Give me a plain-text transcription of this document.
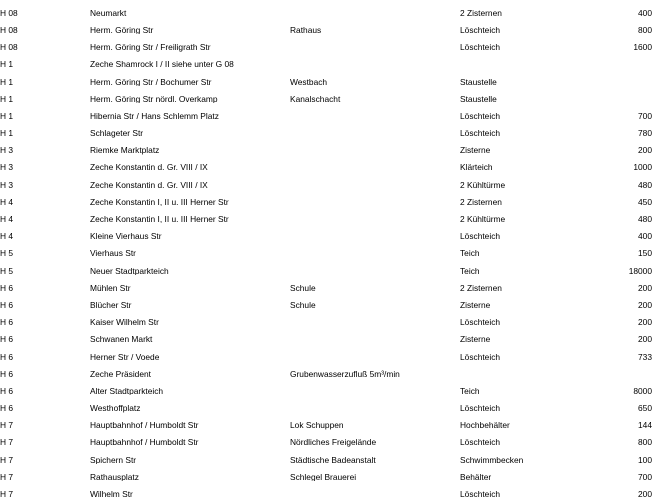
H 08	Neumarkt		2 Zisternen	400
H 08	Herm. Göring Str	Rathaus	Löschteich	800
H 08	Herm. Göring Str / Freiligrath Str		Löschteich	1600
H 1	Zeche Shamrock I / II siehe unter G 08			
H 1	Herm. Göring Str / Bochumer Str	Westbach	Staustelle	
H 1	Herm. Göring Str nördl. Overkamp	Kanalschacht	Staustelle	
H 1	Hibernia Str / Hans Schlemm Platz		Löschteich	700
H 1	Schlageter Str		Löschteich	780
H 3	Riemke Marktplatz		Zisterne	200
H 3	Zeche Konstantin d. Gr. VIII / IX		Klärteich	1000
H 3	Zeche Konstantin d. Gr. VIII / IX		2 Kühltürme	480
H 4	Zeche Konstantin I, II u. III Herner Str		2 Zisternen	450
H 4	Zeche Konstantin I, II u. III Herner Str		2 Kühltürme	480
H 4	Kleine Vierhaus Str		Löschteich	400
H 5	Vierhaus Str		Teich	150
H 5	Neuer Stadtparkteich		Teich	18000
H 6	Mühlen Str	Schule	2 Zisternen	200
H 6	Blücher Str	Schule	Zisterne	200
H 6	Kaiser Wilhelm Str		Löschteich	200
H 6	Schwanen Markt		Zisterne	200
H 6	Herner Str / Voede		Löschteich	733
H 6	Zeche Präsident	Grubenwasserzufluß 5m³/min		
H 6	Alter Stadtparkteich		Teich	8000
H 6	Westhoffplatz		Löschteich	650
H 7	Hauptbahnhof / Humboldt Str	Lok Schuppen	Hochbehälter	144
H 7	Hauptbahnhof / Humboldt Str	Nördliches Freigelände	Löschteich	800
H 7	Spichern Str	Städtische Badeanstalt	Schwimmbecken	100
H 7	Rathausplatz	Schlegel Brauerei	Behälter	700
H 7	Wilhelm Str		Löschteich	200
